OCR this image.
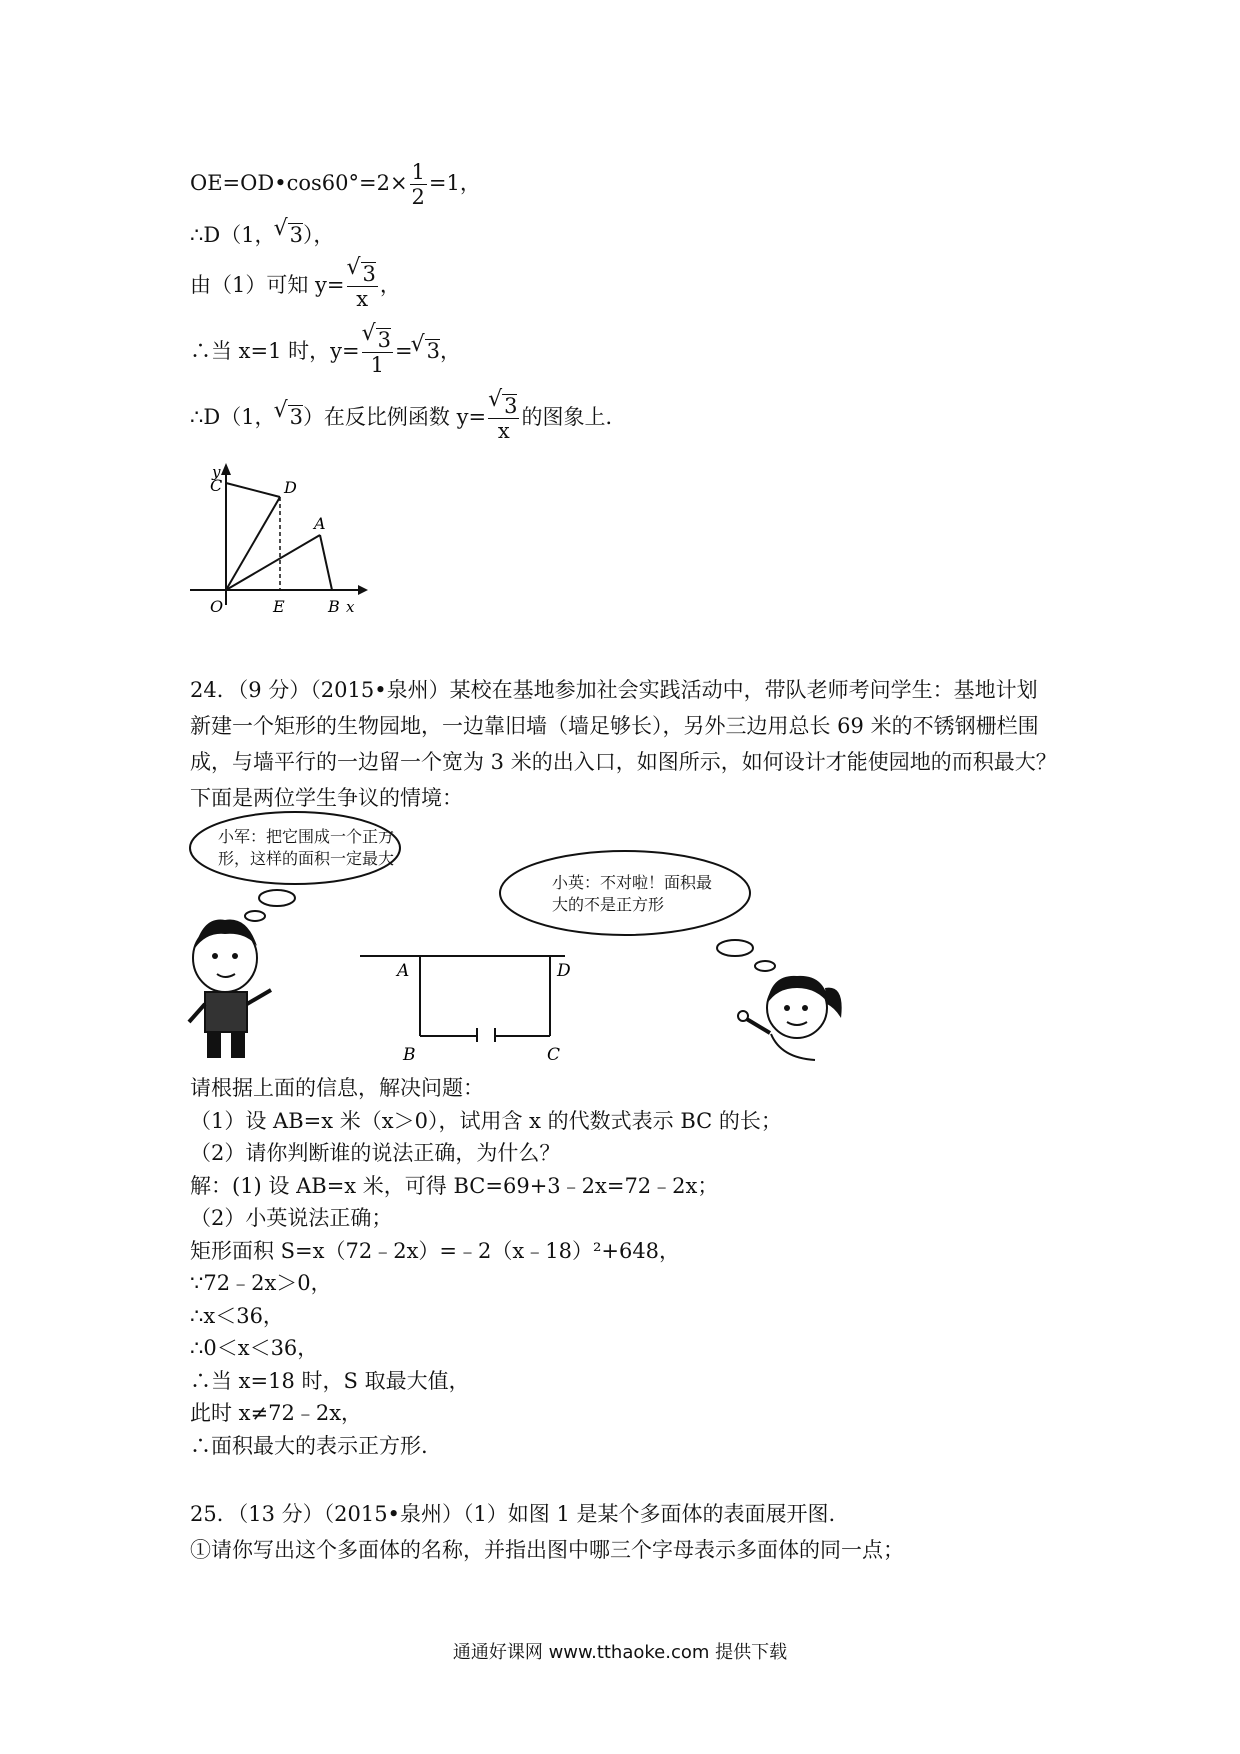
OE=OD•cos60°=2× $\frac{1}{2} =1$，
∴D（1， √ 3），
由（1）可知 y= √ $\frac{3}{x}$ ，
∴当 x=1 时，y= √ $\frac{3}{1}$ = √ 3，
∴D（1， √ 3）在反比例函数 y= √ $\frac{3}{x}$ 的图象上．
y
C	D
A
O	E	B x

24．（9 分）（2015•泉州）某校在基地参加社会实践活动中，带队老师考问学生：基地计划

新建一个矩形的生物园地，一边靠旧墙（墙足够长），另外三边用总长 69 米的不锈钢栅栏围

成，与墙平行的一边留一个宽为 3 米的出入口，如图所示，如何设计才能使园地的而积最大？

下面是两位学生争议的情境：

A	D
B	C
小军：把它围成一个正方
形，这样的面积一定最大
小英：不对啦！面积最
大的不是正方形

请根据上面的信息，解决问题：

（1）设 AB=x 米（x＞0），试用含 x 的代数式表示 BC 的长；

（2）请你判断谁的说法正确，为什么？

解：(1) 设 AB=x 米，可得 BC=69+3﹣2x=72﹣2x；

（2）小英说法正确；

矩形面积 S=x（72﹣2x）=﹣2（x﹣18）²+648，

∵72﹣2x＞0，

∴x＜36，

∴0＜x＜36，

∴当 x=18 时，S 取最大值，

此时 x≠72﹣2x，

∴面积最大的表示正方形.

25．（13 分）（2015•泉州）（1）如图 1 是某个多面体的表面展开图.

①请你写出这个多面体的名称，并指出图中哪三个字母表示多面体的同一点；

通通好课网 www.tthaoke.com 提供下载
